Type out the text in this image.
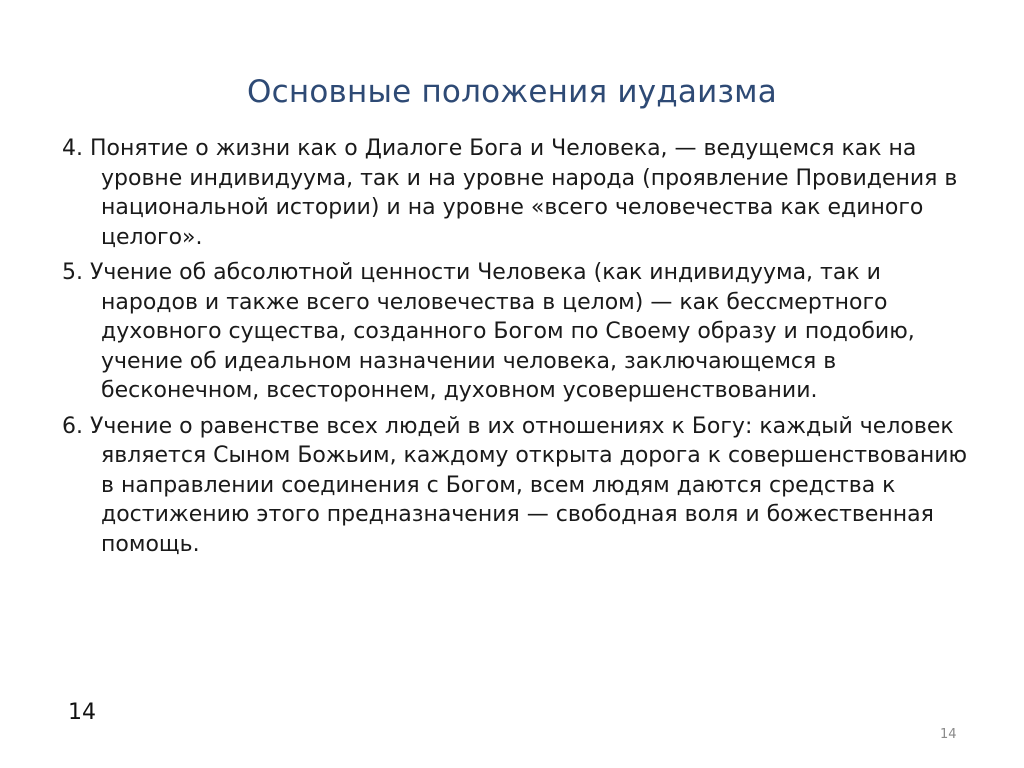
Основные положения иудаизма
4. Понятие о жизни как о Диалоге Бога и Человека, — ведущемся как на уровне индивидуума, так и на уровне народа (проявление Провидения в национальной истории) и на уровне «всего человечества как единого целого».
5. Учение об абсолютной ценности Человека (как индивидуума, так и народов и также всего человечества в целом) — как бессмертного духовного существа, созданного Богом по Своему образу и подобию, учение об идеальном назначении человека, заключающемся в бесконечном, всестороннем, духовном усовершенствовании.
6. Учение о равенстве всех людей в их отношениях к Богу: каждый человек является Сыном Божьим, каждому открыта дорога к совершенствованию в направлении соединения с Богом, всем людям даются средства к достижению этого предназначения — свободная воля и божественная помощь.
14
14
